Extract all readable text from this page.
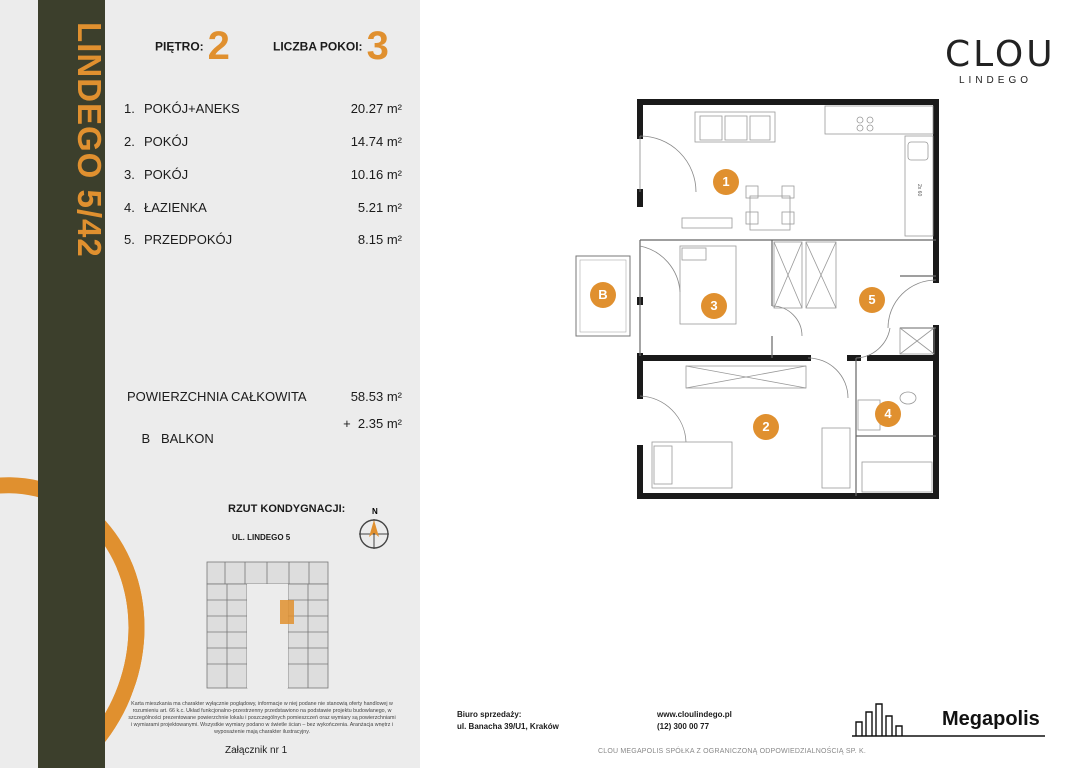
LINDEGO 5/42	PIĘTRO: 2	LICZBA POKOI: 3
1. POKÓJ+ANEKS	20.27 m²
2. POKÓJ	14.74 m²
3. POKÓJ	10.16 m²
4. ŁAZIENKA	5.21 m²
5. PRZEDPOKÓJ	8.15 m²
POWIERZCHNIA CAŁKOWITA	58.53 m²

B   BALKON

+  2.35 m²

RZUT KONDYGNACJI:
UL. LINDEGO 5
N
Karta mieszkania ma charakter wyłącznie poglądowy, informacje w niej podane nie stanowią oferty handlowej w rozumieniu art. 66 k.c. Układ funkcjonalno-przestrzenny przedstawiono na podstawie projektu budowlanego, w szczególności prezentowane powierzchnie lokalu i poszczególnych pomieszczeń oraz wymiary są powierzchniami i wymiarami projektowanymi. Wszystkie wymiary podano w świetle ścian – bez wykończenia. Aranżacja wnętrz i wyposażenie mają charakter ilustracyjny.
Załącznik nr 1
CLOU
LINDEGO
2x 60
1
2
3
4
5
B
Biuro sprzedaży:
ul. Banacha 39/U1, Kraków
www.cloulindego.pl
(12) 300 00 77	Megapolis
CLOU MEGAPOLIS SPÓŁKA Z OGRANICZONĄ ODPOWIEDZIALNOŚCIĄ SP. K.
